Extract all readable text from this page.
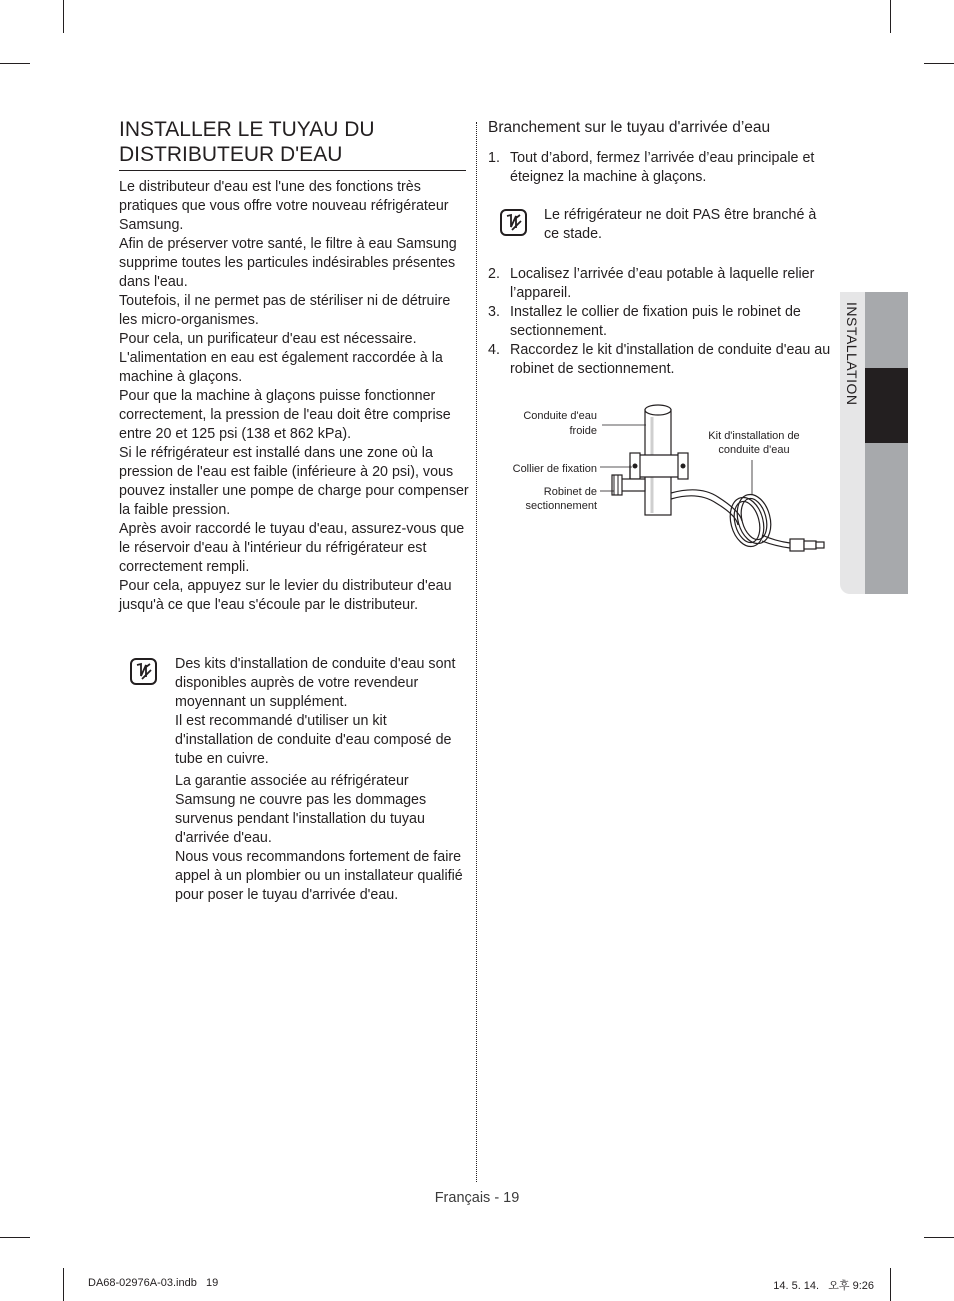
INSTALLER LE TUYAU DU DISTRIBUTEUR D'EAU

Le distributeur d'eau est l'une des fonctions très pratiques que vous offre votre nouveau réfrigérateur Samsung.

Afin de préserver votre santé, le filtre à eau Samsung supprime toutes les particules indésirables présentes dans l'eau.

Toutefois, il ne permet pas de stériliser ni de détruire les micro-organismes.

Pour cela, un purificateur d'eau est nécessaire.

L'alimentation en eau est également raccordée à la machine à glaçons.

Pour que la machine à glaçons puisse fonctionner correctement, la pression de l'eau doit être comprise entre 20 et 125 psi (138 et 862 kPa).

Si le réfrigérateur est installé dans une zone où la pression de l'eau est faible (inférieure à 20 psi), vous pouvez installer une pompe de charge pour compenser la faible pression.

Après avoir raccordé le tuyau d'eau, assurez-vous que le réservoir d'eau à l'intérieur du réfrigérateur est correctement rempli.

Pour cela, appuyez sur le levier du distributeur d'eau jusqu'à ce que l'eau s'écoule par le distributeur.

Des kits d'installation de conduite d'eau sont disponibles auprès de votre revendeur moyennant un supplément.

Il est recommandé d'utiliser un kit d'installation de conduite d'eau composé de tube en cuivre.

La garantie associée au réfrigérateur Samsung ne couvre pas les dommages survenus pendant l'installation du tuyau d'arrivée d'eau.

Nous vous recommandons fortement de faire appel à un plombier ou un installateur qualifié pour poser le tuyau d'arrivée d'eau.

Branchement sur le tuyau d'arrivée d’eau
1. Tout d’abord, fermez l’arrivée d’eau principale et éteignez la machine à glaçons.

Le réfrigérateur ne doit PAS être branché à ce stade.

2. Localisez l’arrivée d’eau potable à laquelle relier l’appareil.
3. Installez le collier de fixation puis le robinet de sectionnement.
4. Raccordez le kit d'installation de conduite d'eau au robinet de sectionnement.
Conduite d'eau
froide
Collier de fixation
Robinet de
sectionnement
Kit d'installation de
conduite d'eau
INSTALLATION
Français - 19
DA68-02976A-03.indb   19	14. 5. 14.   오후 9:26
